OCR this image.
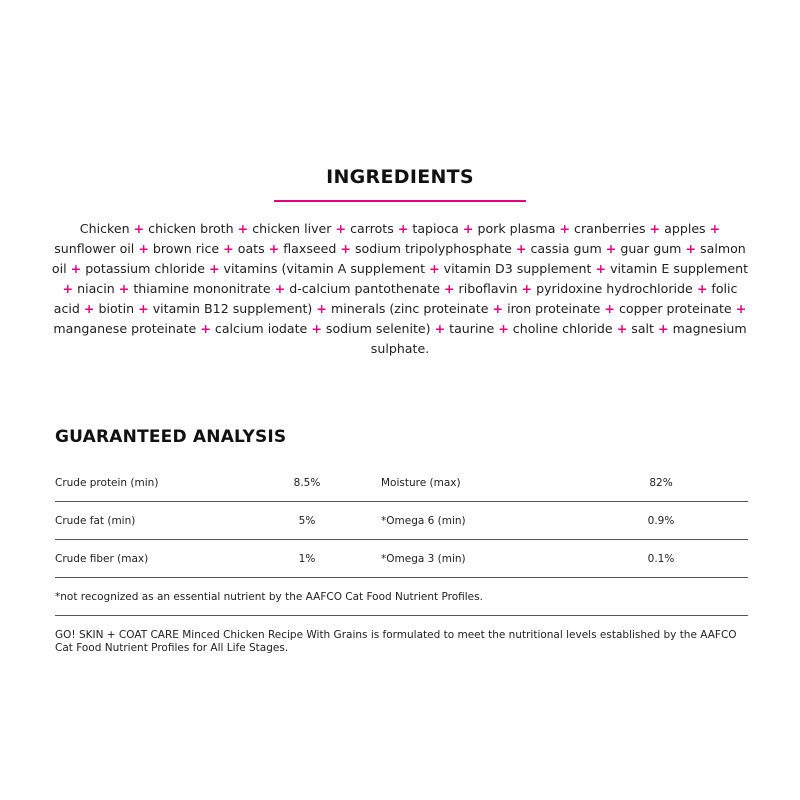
INGREDIENTS
Chicken + chicken broth + chicken liver + carrots + tapioca + pork plasma + cranberries + apples + sunflower oil + brown rice + oats + flaxseed + sodium tripolyphosphate + cassia gum + guar gum + salmon oil + potassium chloride + vitamins (vitamin A supplement + vitamin D3 supplement + vitamin E supplement + niacin + thiamine mononitrate + d-calcium pantothenate + riboflavin + pyridoxine hydrochloride + folic acid + biotin + vitamin B12 supplement) + minerals (zinc proteinate + iron proteinate + copper proteinate + manganese proteinate + calcium iodate + sodium selenite) + taurine + choline chloride + salt + magnesium sulphate.
GUARANTEED ANALYSIS
Crude protein (min)	8.5%	Moisture (max)	82%
Crude fat (min)	5%	*Omega 6 (min)	0.9%
Crude fiber (max)	1%	*Omega 3 (min)	0.1%
*not recognized as an essential nutrient by the AAFCO Cat Food Nutrient Profiles.
GO! SKIN + COAT CARE Minced Chicken Recipe With Grains is formulated to meet the nutritional levels established by the AAFCO Cat Food Nutrient Profiles for All Life Stages.
